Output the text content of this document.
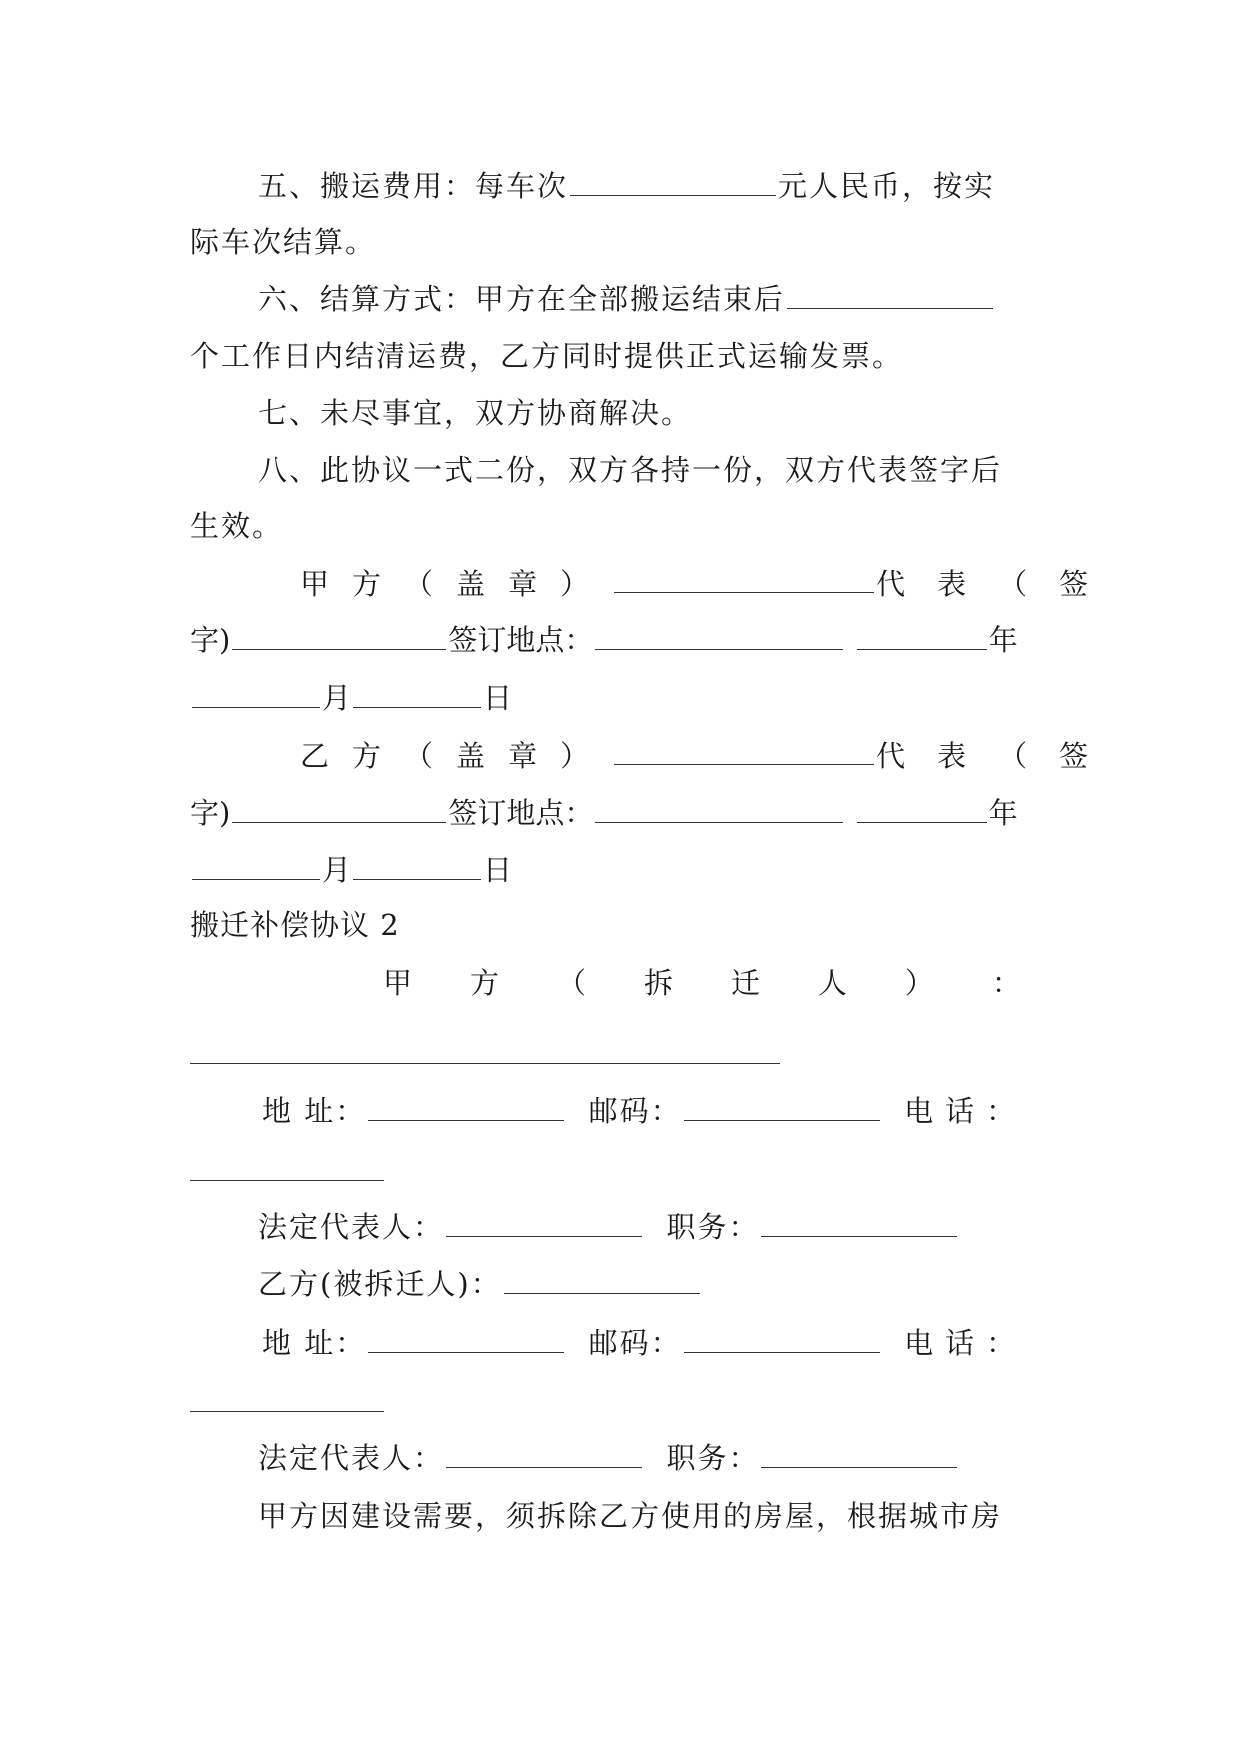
五、搬运费用：每车次	元人民币，按实
际车次结算。
六、结算方式：甲方在全部搬运结束后
个工作日内结清运费，乙方同时提供正式运输发票。
七、未尽事宜，双方协商解决。
八、此协议一式二份，双方各持一份，双方代表签字后
生效。
甲 方 （ 盖 章 ）	代 表 （ 签
字)	签订地点：	年
月	日
乙 方 （ 盖 章 ）	代 表 （ 签
字)	签订地点：	年
月	日
搬迁补偿协议 2
甲 方 （ 拆 迁 人 ） ：
地 址：	邮码：	电话：
法定代表人：	职务：
乙方(被拆迁人)：
地 址：	邮码：	电话：
法定代表人：	职务：
甲方因建设需要，须拆除乙方使用的房屋，根据城市房
